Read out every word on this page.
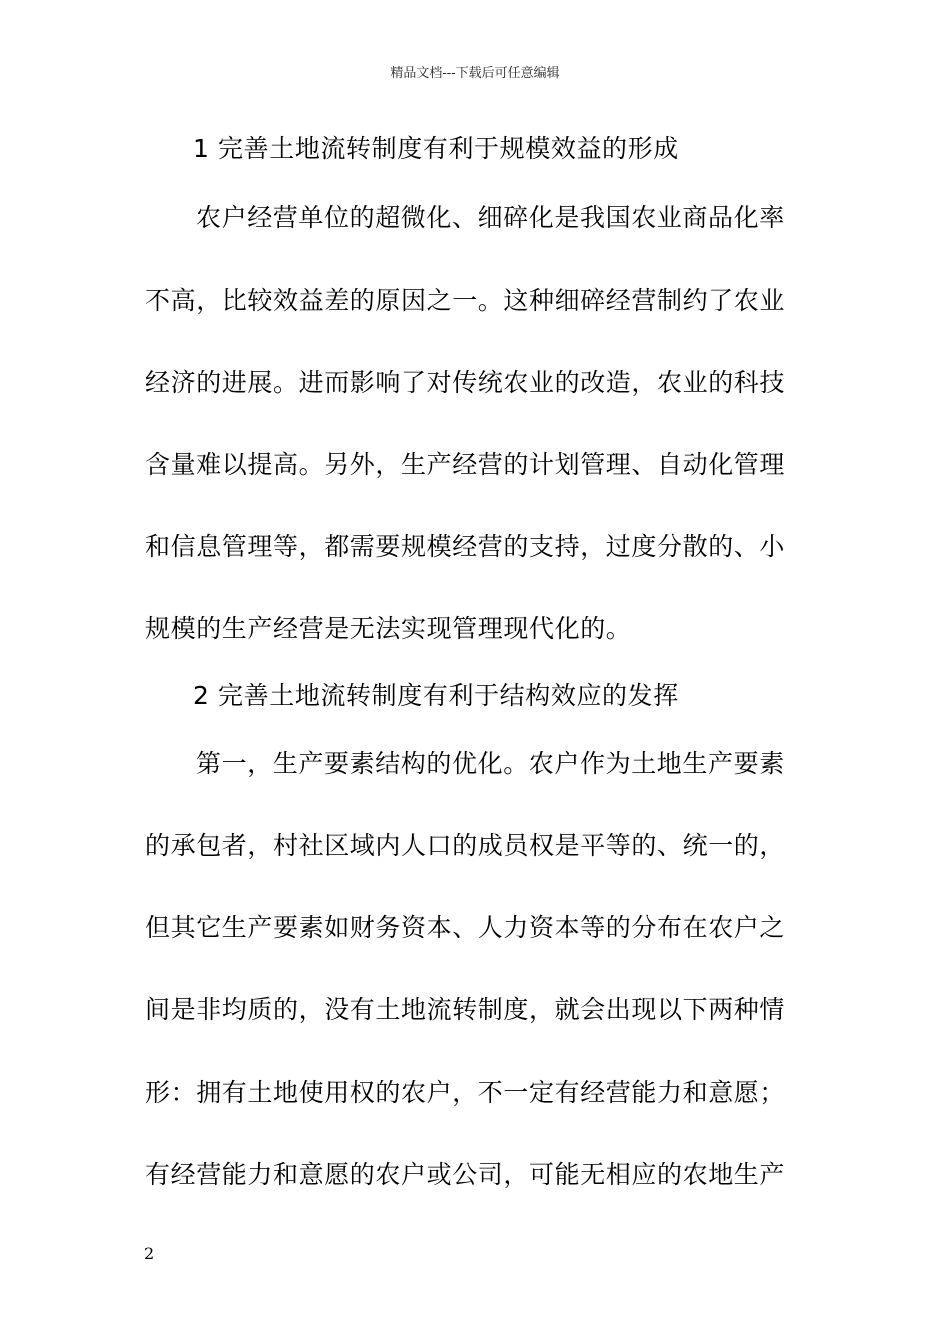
精品文档---下载后可任意编辑
1 完善土地流转制度有利于规模效益的形成
农户经营单位的超微化、细碎化是我国农业商品化率
不高，比较效益差的原因之一。这种细碎经营制约了农业
经济的进展。进而影响了对传统农业的改造，农业的科技
含量难以提高。另外，生产经营的计划管理、自动化管理
和信息管理等，都需要规模经营的支持，过度分散的、小
规模的生产经营是无法实现管理现代化的。
2 完善土地流转制度有利于结构效应的发挥
第一，生产要素结构的优化。农户作为土地生产要素
的承包者，村社区域内人口的成员权是平等的、统一的，
但其它生产要素如财务资本、人力资本等的分布在农户之
间是非均质的，没有土地流转制度，就会出现以下两种情
形：拥有土地使用权的农户，不一定有经营能力和意愿；
有经营能力和意愿的农户或公司，可能无相应的农地生产
2
